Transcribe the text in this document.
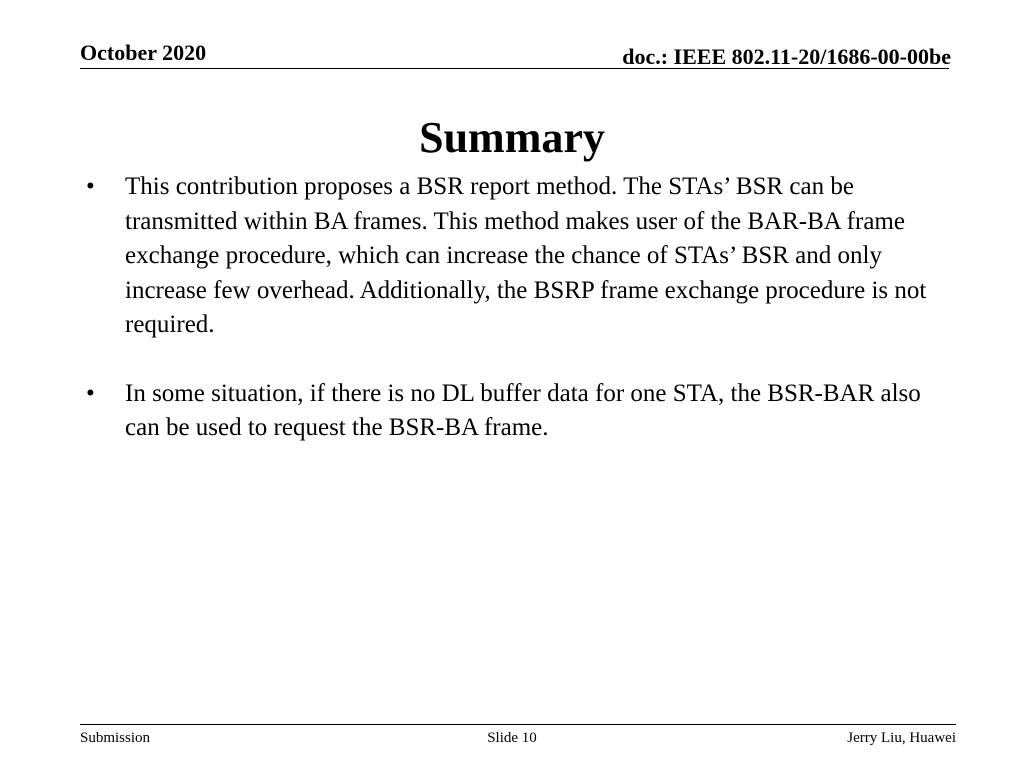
October 2020	doc.: IEEE 802.11-20/1686-00-00be
Summary
• This contribution proposes a BSR report method. The STAs’ BSR can be transmitted within BA frames. This method makes user of the BAR-BA frame exchange procedure, which can increase the chance of STAs’ BSR and only increase few overhead. Additionally, the BSRP frame exchange procedure is not required.
• In some situation, if there is no DL buffer data for one STA, the BSR-BAR also can be used to request the BSR-BA frame.
Submission	Slide 10	Jerry Liu, Huawei
